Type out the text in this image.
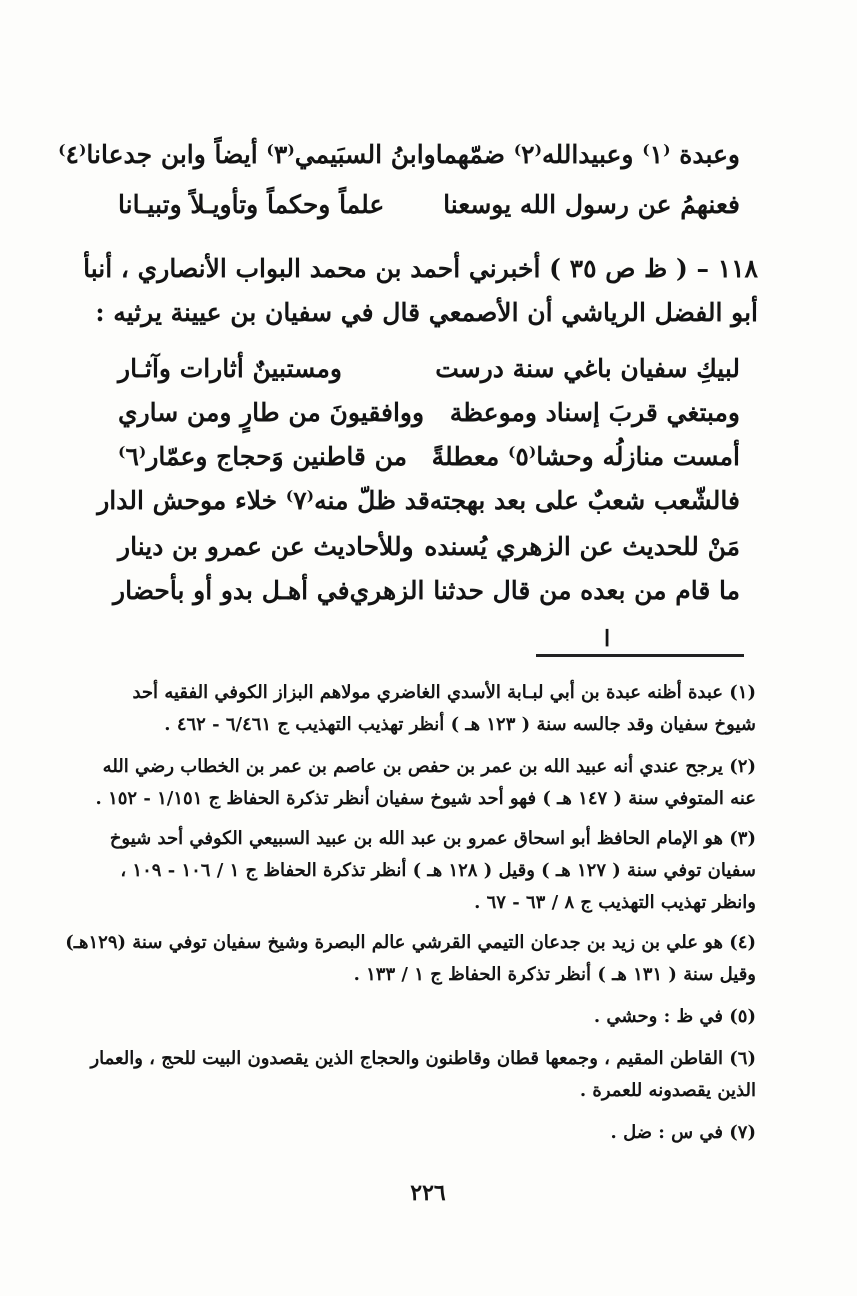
وعبدة ⁽١⁾ وعبيدالله⁽٢⁾ ضمّهما
وابنُ السبَيمي⁽٣⁾ أيضاً وابن جدعانا⁽٤⁾
فعنهمُ عن رسول الله يوسعنا
علماً وحكماً وتأويـلاً وتبيـانا
١١٨ – ( ظ ص ٣٥ ) أخبرني أحمد بن محمد البواب الأنصاري ، أنبأ
أبو الفضل الرياشي أن الأصمعي قال في سفيان بن عيينة يرثيه :
لبيكِ سفيان باغي سنة درست
ومستبينٌ أثارات وآثـار
ومبتغي قربَ إسناد وموعظة
ووافقيونَ من طارٍ ومن ساري
أمست منازلُه وحشا⁽٥⁾ معطلةً
من قاطنين وَحجاج وعمّار⁽٦⁾
فالشّعب شعبٌ على بعد بهجته
قد ظلّ منه⁽٧⁾ خلاء موحش الدار
مَنْ للحديث عن الزهري يُسنده
وللأحاديث عن عمرو بن دينار
ما قام من بعده من قال حدثنا الزهري
في أهـل بدو أو بأحضار
ا
(١) عبدة أظنه عبدة بن أبي لبـابة الأسدي الغاضري مولاهم البزاز الكوفي الفقيه أحد
شيوخ سفيان وقد جالسه سنة ( ١٢٣ هـ ) أنظر تهذيب التهذيب ج ٦/٤٦١ - ٤٦٢ .
(٢) يرجح عندي أنه عبيد الله بن عمر بن حفص بن عاصم بن عمر بن الخطاب رضي الله
عنه المتوفي سنة ( ١٤٧ هـ ) فهو أحد شيوخ سفيان أنظر تذكرة الحفاظ ج ١/١٥١ - ١٥٢ .
(٣) هو الإمام الحافظ أبو اسحاق عمرو بن عبد الله بن عبيد السبيعي الكوفي أحد شيوخ
سفيان توفي سنة ( ١٢٧ هـ ) وقيل ( ١٢٨ هـ ) أنظر تذكرة الحفاظ ج ١ / ١٠٦ - ١٠٩ ،
وانظر تهذيب التهذيب ج ٨ / ٦٣ - ٦٧ .
(٤) هو علي بن زيد بن جدعان التيمي القرشي عالم البصرة وشيخ سفيان توفي سنة (١٢٩هـ)
وقيل سنة ( ١٣١ هـ ) أنظر تذكرة الحفاظ ج ١ / ١٣٣ .
(٥) في ظ : وحشي .
(٦) القاطن المقيم ، وجمعها قطان وقاطنون والحجاج الذين يقصدون البيت للحج ، والعمار
الذين يقصدونه للعمرة .
(٧) في س : ضل .
٢٢٦
